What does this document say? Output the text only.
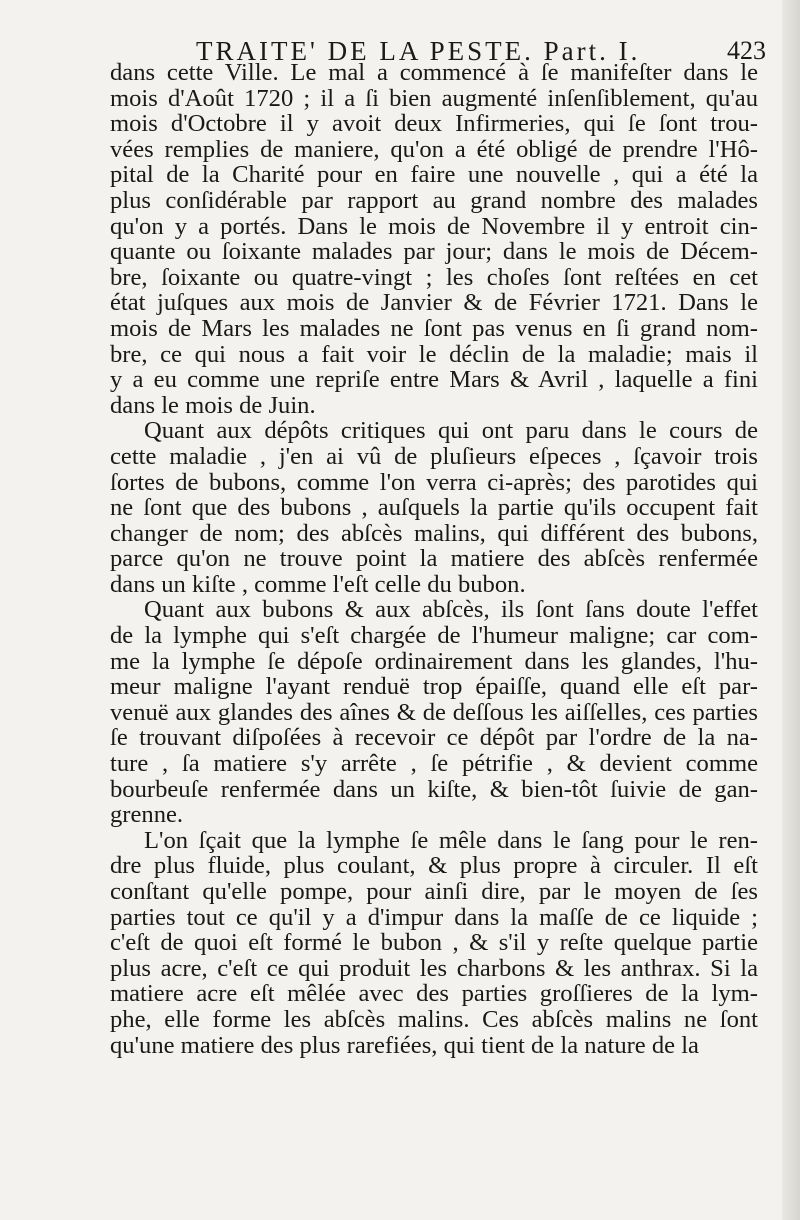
TRAITE' DE LA PESTE. Part. I.	423
dans cette Ville. Le mal a commencé à ſe manifeſter dans le
mois d'Août 1720 ; il a ſi bien augmenté inſenſiblement, qu'au
mois d'Octobre il y avoit deux Infirmeries, qui ſe ſont trou-
vées remplies de maniere, qu'on a été obligé de prendre l'Hô-
pital de la Charité pour en faire une nouvelle , qui a été la
plus conſidérable par rapport au grand nombre des malades
qu'on y a portés. Dans le mois de Novembre il y entroit cin-
quante ou ſoixante malades par jour; dans le mois de Décem-
bre, ſoixante ou quatre-vingt ; les choſes ſont reſtées en cet
état juſques aux mois de Janvier & de Février 1721. Dans le
mois de Mars les malades ne ſont pas venus en ſi grand nom-
bre, ce qui nous a fait voir le déclin de la maladie; mais il
y a eu comme une repriſe entre Mars & Avril , laquelle a fini
dans le mois de Juin.
Quant aux dépôts critiques qui ont paru dans le cours de
cette maladie , j'en ai vû de pluſieurs eſpeces , ſçavoir trois
ſortes de bubons, comme l'on verra ci-après; des parotides qui
ne ſont que des bubons , auſquels la partie qu'ils occupent fait
changer de nom; des abſcès malins, qui différent des bubons,
parce qu'on ne trouve point la matiere des abſcès renfermée
dans un kiſte , comme l'eſt celle du bubon.
Quant aux bubons & aux abſcès, ils ſont ſans doute l'effet
de la lymphe qui s'eſt chargée de l'humeur maligne; car com-
me la lymphe ſe dépoſe ordinairement dans les glandes, l'hu-
meur maligne l'ayant renduë trop épaiſſe, quand elle eſt par-
venuë aux glandes des aînes & de deſſous les aiſſelles, ces parties
ſe trouvant diſpoſées à recevoir ce dépôt par l'ordre de la na-
ture , ſa matiere s'y arrête , ſe pétrifie , & devient comme
bourbeuſe renfermée dans un kiſte, & bien-tôt ſuivie de gan-
grenne.
L'on ſçait que la lymphe ſe mêle dans le ſang pour le ren-
dre plus fluide, plus coulant, & plus propre à circuler. Il eſt
conſtant qu'elle pompe, pour ainſi dire, par le moyen de ſes
parties tout ce qu'il y a d'impur dans la maſſe de ce liquide ;
c'eſt de quoi eſt formé le bubon , & s'il y reſte quelque partie
plus acre, c'eſt ce qui produit les charbons & les anthrax. Si la
matiere acre eſt mêlée avec des parties groſſieres de la lym-
phe, elle forme les abſcès malins. Ces abſcès malins ne ſont
qu'une matiere des plus rarefiées, qui tient de la nature de la
